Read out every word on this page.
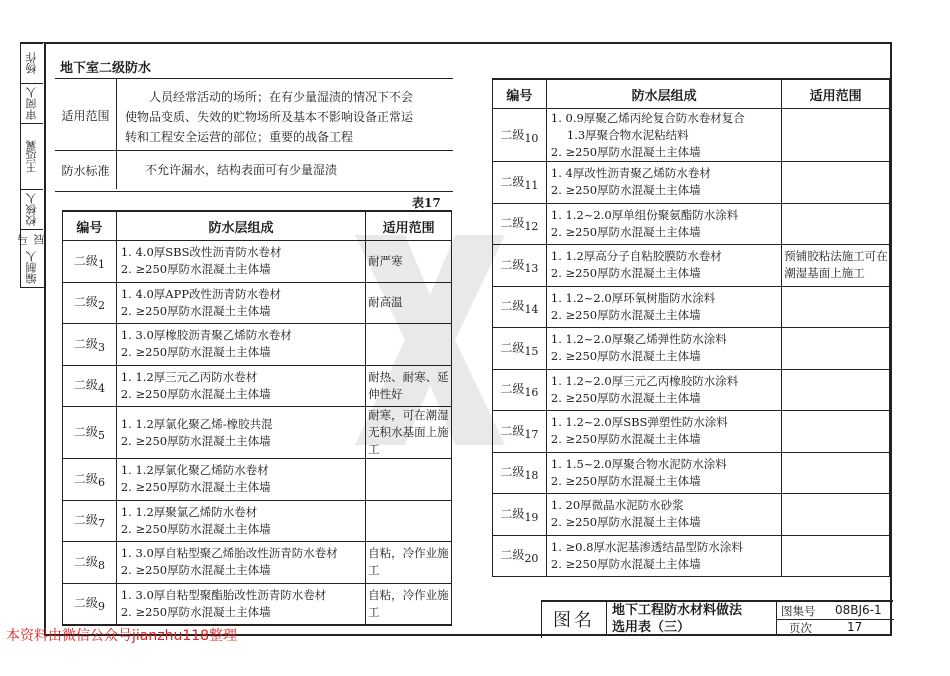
杨作
审阅人
王远翼
校核人
马辰
编制人
地下室二级防水
适用范围
人员经常活动的场所；在有少量湿渍的情况下不会
使物品变质、失效的贮物场所及基本不影响设备正常运
转和工程安全运营的部位；重要的战备工程
防水标准	不允许漏水，结构表面可有少量湿渍
表17
编号	防水层组成	适用范围
二级$_1$	1. 4.0厚SBS改性沥青防水卷材
2. ≥250厚防水混凝土主体墙	耐严寒
二级$_2$	1. 4.0厚APP改性沥青防水卷材
2. ≥250厚防水混凝土主体墙	耐高温
二级$_3$	1. 3.0厚橡胶沥青聚乙烯防水卷材
2. ≥250厚防水混凝土主体墙	

二级$_4$	1. 1.2厚三元乙丙防水卷材
2. ≥250厚防水混凝土主体墙	耐热、耐寒、延伸性好
二级$_5$	1. 1.2厚氯化聚乙烯-橡胶共混
2. ≥250厚防水混凝土主体墙	耐寒，可在潮湿无积水基面上施工
二级$_6$	1. 1.2厚氯化聚乙烯防水卷材
2. ≥250厚防水混凝土主体墙	

二级$_7$	1. 1.2厚聚氯乙烯防水卷材
2. ≥250厚防水混凝土主体墙	

二级$_8$	1. 3.0厚自粘型聚乙烯胎改性沥青防水卷材
2. ≥250厚防水混凝土主体墙	自粘，冷作业施工
二级$_9$	1. 3.0厚自粘型聚酯胎改性沥青防水卷材
2. ≥250厚防水混凝土主体墙	自粘，冷作业施工
编号	防水层组成	适用范围
二级$_{10}$	1. 0.9厚聚乙烯丙纶复合防水卷材复合
1.3厚聚合物水泥粘结料
2. ≥250厚防水混凝土主体墙	

二级$_{11}$	1. 4厚改性沥青聚乙烯防水卷材
2. ≥250厚防水混凝土主体墙	

二级$_{12}$	1. 1.2~2.0厚单组份聚氨酯防水涂料
2. ≥250厚防水混凝土主体墙	

二级$_{13}$	1. 1.2厚高分子自粘胶膜防水卷材
2. ≥250厚防水混凝土主体墙	预铺胶粘法施工可在潮湿基面上施工
二级$_{14}$	1. 1.2~2.0厚环氧树脂防水涂料
2. ≥250厚防水混凝土主体墙	

二级$_{15}$	1. 1.2~2.0厚聚乙烯弹性防水涂料
2. ≥250厚防水混凝土主体墙	

二级$_{16}$	1. 1.2~2.0厚三元乙丙橡胶防水涂料
2. ≥250厚防水混凝土主体墙	

二级$_{17}$	1. 1.2~2.0厚SBS弹塑性防水涂料
2. ≥250厚防水混凝土主体墙	

二级$_{18}$	1. 1.5~2.0厚聚合物水泥防水涂料
2. ≥250厚防水混凝土主体墙	

二级$_{19}$	1. 20厚微晶水泥防水砂浆
2. ≥250厚防水混凝土主体墙	

二级$_{20}$	1. ≥0.8厚水泥基渗透结晶型防水涂料
2. ≥250厚防水混凝土主体墙	

图名	地下工程防水材料做法
选用表（三）
图集号 08BJ6-1
页次	17
本资料由微信公众号jianzhu118整理
